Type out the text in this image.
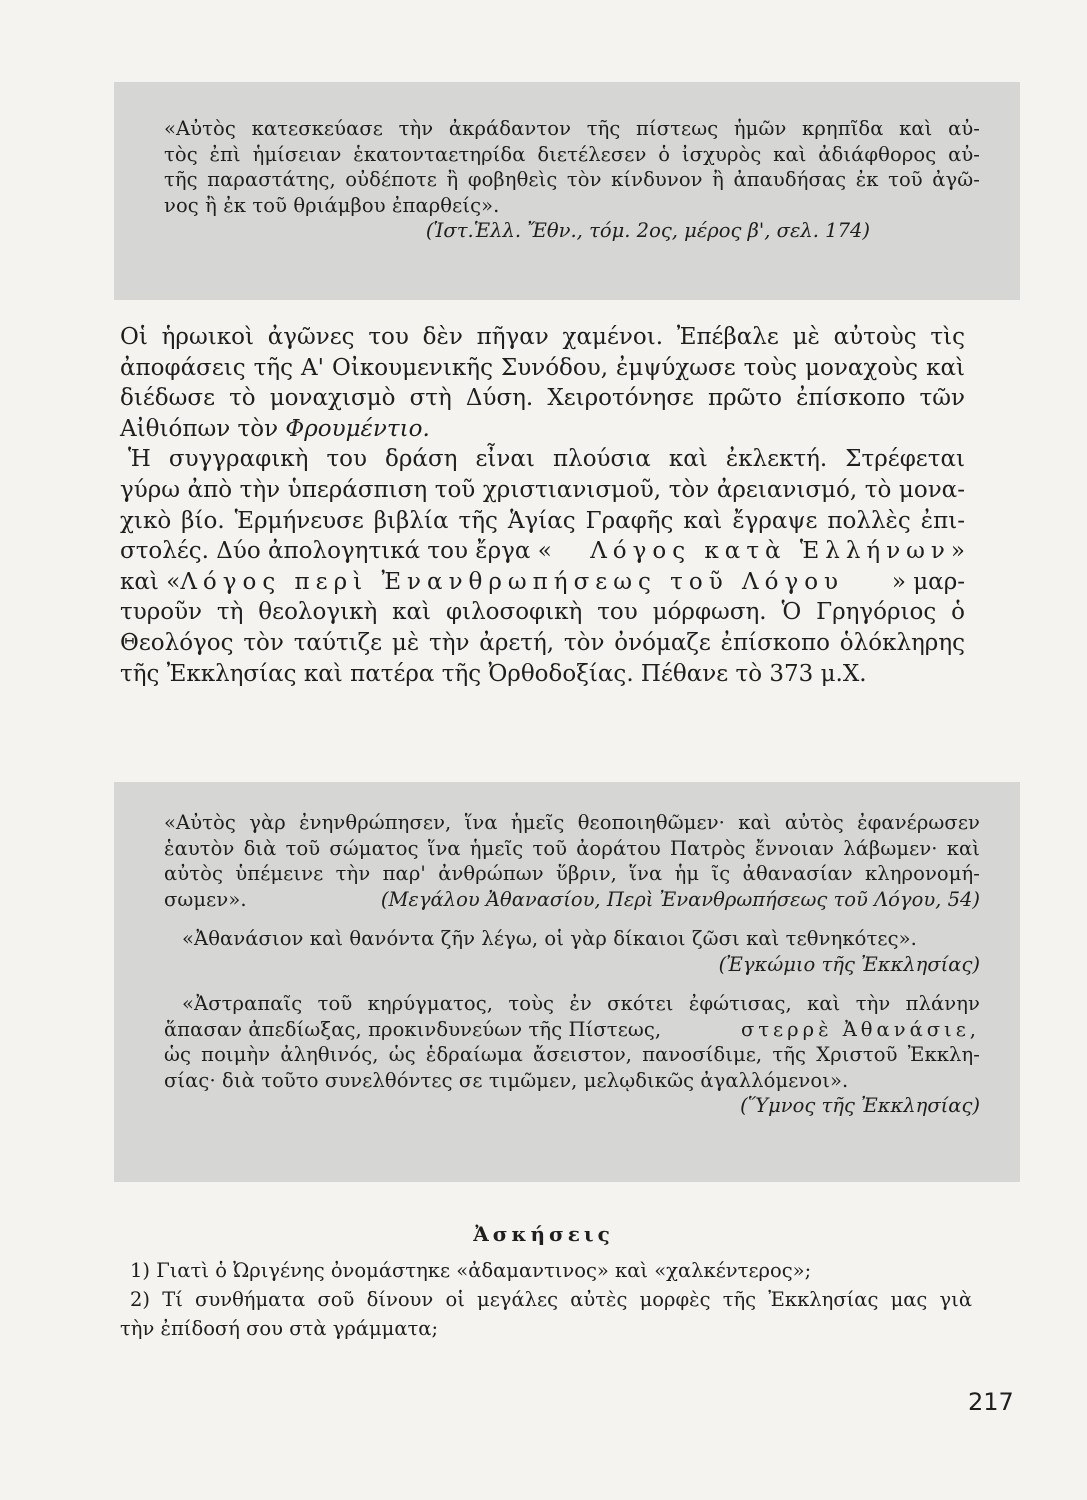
«Αὐτὸς κατεσκεύασε τὴν ἀκράδαντον τῆς πίστεως ἡμῶν κρηπῖδα καὶ αὐ-
τὸς ἐπὶ ἡμίσειαν ἑκατονταετηρίδα διετέλεσεν ὁ ἰσχυρὸς καὶ ἀδιάφθορος αὐ-
τῆς παραστάτης, οὐδέποτε ἢ φοβηθεὶς τὸν κίνδυνον ἢ ἀπαυδήσας ἐκ τοῦ ἀγῶ-
νος ἢ ἐκ τοῦ θριάμβου ἐπαρθείς».
(Ἱστ.Ἑλλ. Ἔθν., τόμ. 2ος, μέρος β', σελ. 174)
Οἱ ἡρωικοὶ ἀγῶνες του δὲν πῆγαν χαμένοι. Ἐπέβαλε μὲ αὐτοὺς τὶς
ἀποφάσεις τῆς Α' Οἰκουμενικῆς Συνόδου, ἐμψύχωσε τοὺς μοναχοὺς καὶ
διέδωσε τὸ μοναχισμὸ στὴ Δύση. Χειροτόνησε πρῶτο ἐπίσκοπο τῶν
Αἰθιόπων τὸν Φρουμέντιο.
Ἡ συγγραφικὴ του δράση εἶναι πλούσια καὶ ἐκλεκτή. Στρέφεται
γύρω ἀπὸ τὴν ὑπεράσπιση τοῦ χριστιανισμοῦ, τὸν ἀρειανισμό, τὸ μονα-
χικὸ βίο. Ἑρμήνευσε βιβλία τῆς Ἁγίας Γραφῆς καὶ ἔγραψε πολλὲς ἐπι-
στολές. Δύο ἀπολογητικά του ἔργα « Λόγος κατὰ Ἑλλήνων »
καὶ « Λόγος περὶ Ἐνανθρωπήσεως τοῦ Λόγου » μαρ-
τυροῦν τὴ θεολογικὴ καὶ φιλοσοφικὴ του μόρφωση. Ὁ Γρηγόριος ὁ
Θεολόγος τὸν ταύτιζε μὲ τὴν ἀρετή, τὸν ὀνόμαζε ἐπίσκοπο ὁλόκληρης
τῆς Ἐκκλησίας καὶ πατέρα τῆς Ὀρθοδοξίας. Πέθανε τὸ 373 μ.Χ.
«Αὐτὸς γὰρ ἐνηνθρώπησεν, ἵνα ἡμεῖς θεοποιηθῶμεν· καὶ αὐτὸς ἐφανέρωσεν
ἑαυτὸν διὰ τοῦ σώματος ἵνα ἡμεῖς τοῦ ἀοράτου Πατρὸς ἔννοιαν λάβωμεν· καὶ
αὐτὸς ὑπέμεινε τὴν παρ' ἀνθρώπων ὕβριν, ἵνα ἡμ ῖς ἀθανασίαν κληρονομή-
σωμεν».	(Μεγάλου Ἀθανασίου, Περὶ Ἐνανθρωπήσεως τοῦ Λόγου, 54)
«Ἀθανάσιον καὶ θανόντα ζῆν λέγω, οἱ γὰρ δίκαιοι ζῶσι καὶ τεθνηκότες».
(Ἐγκώμιο τῆς Ἐκκλησίας)
«Ἀστραπαῖς τοῦ κηρύγματος, τοὺς ἐν σκότει ἐφώτισας, καὶ τὴν πλάνην
ἅπασαν ἀπεδίωξας, προκινδυνεύων τῆς Πίστεως,	στερρὲ Ἀθανάσιε,
ὡς ποιμὴν ἀληθινός, ὡς ἑδραίωμα ἄσειστον, πανοσίδιμε, τῆς Χριστοῦ Ἐκκλη-
σίας· διὰ τοῦτο συνελθόντες σε τιμῶμεν, μελῳδικῶς ἀγαλλόμενοι».
(Ὕμνος τῆς Ἐκκλησίας)
Ἀσκήσεις
1) Γιατὶ ὁ Ὠριγένης ὀνομάστηκε «ἀδαμαντινος» καὶ «χαλκέντερος»;
2) Τί συνθήματα σοῦ δίνουν οἱ μεγάλες αὐτὲς μορφὲς τῆς Ἐκκλησίας μας γιὰ
τὴν ἐπίδοσή σου στὰ γράμματα;
217
